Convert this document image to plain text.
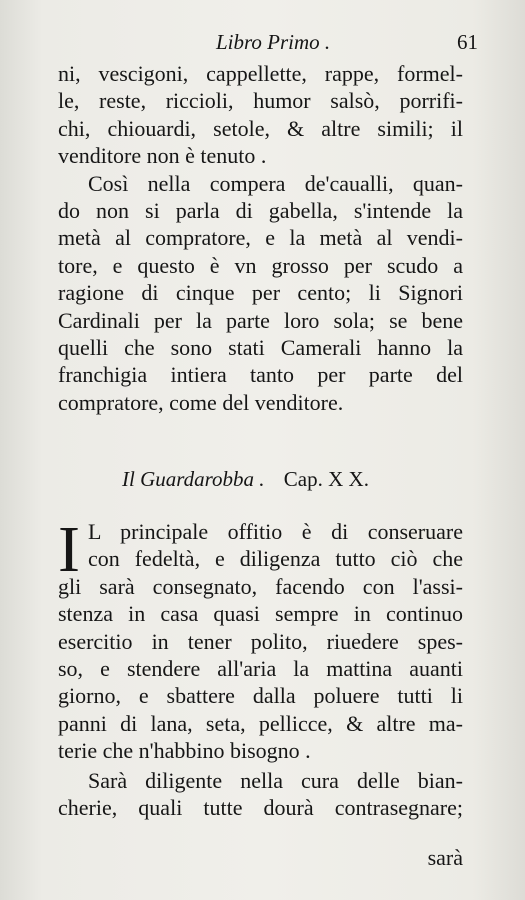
Libro Primo .	61
ni, vescigoni, cappellette, rappe, formel-
le, reste, riccioli, humor salsò, porrifi-
chi, chiouardi, setole, & altre simili; il
venditore non è tenuto .
Così nella compera de'caualli, quan-
do non si parla di gabella, s'intende la
metà al compratore, e la metà al vendi-
tore, e questo è vn grosso per scudo a
ragione di cinque per cento; li Signori
Cardinali per la parte loro sola; se bene
quelli che sono stati Camerali hanno la
franchigia intiera tanto per parte del
compratore, come del venditore.
Il Guardarobba . Cap. X X.
I L principale offitio è di conseruare
con fedeltà, e diligenza tutto ciò che
gli sarà consegnato, facendo con l'assi-
stenza in casa quasi sempre in continuo
esercitio in tener polito, riuedere spes-
so, e stendere all'aria la mattina auanti
giorno, e sbattere dalla poluere tutti li
panni di lana, seta, pellicce, & altre ma-
terie che n'habbino bisogno .
Sarà diligente nella cura delle bian-
cherie, quali tutte dourà contrasegnare;
sarà
